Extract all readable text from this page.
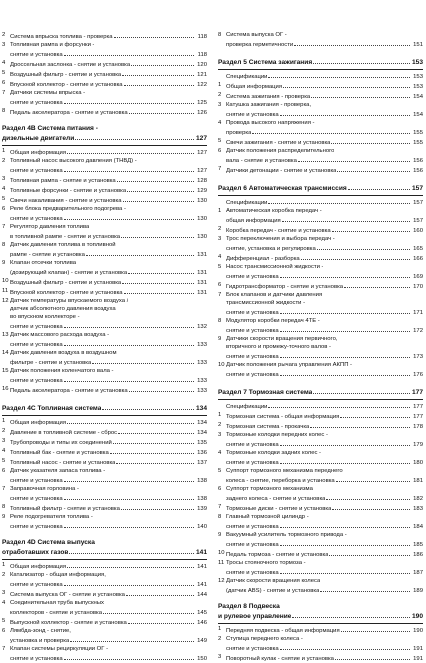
2 Система впрыска топлива - проверка	118
3 Топливная рампа и форсунки -
снятие и установка	118
4 Дроссельная заслонка - снятие и установка	120
5 Воздушный фильтр - снятие и установка	121
6 Впускной коллектор - снятие и установка	122
7 Датчики системы впрыска -
снятие и установка	125
8 Педаль акселератора - снятие и установка	126
Раздел 4В Система питания -
дизельные двигатели	127
1 Общая информация	127
2 Топливный насос высокого давления (ТНВД) -
снятие и установка	127
3 Топливная рампа - снятие и установка	128
4 Топливные форсунки - снятие и установка	129
5 Свечи накаливания - снятие и установка	130
6 Реле блока предварительного подогрева -
снятие и установка	130
7 Регулятор давления топлива
в топливной рампе - снятие и установка	130
8 Датчик давления топлива в топливной
рампе - снятие и установка	131
9 Клапан отсечки топлива
(дозирующий клапан) - снятие и установка	131
10 Воздушный фильтр - снятие и установка	131
11 Впускной коллектор - снятие и установка	131
12 Датчик температуры впускаемого воздуха /
датчик абсолютного давления воздуха
во впускном коллекторе -
снятие и установка	132
13 Датчик массового расхода воздуха -
снятие и установка	133
14 Датчик давления воздуха в воздушном
фильтре - снятие и установка	133
15 Датчик положения коленчатого вала -
снятие и установка	133
16 Педаль акселератора - снятие и установка	133
Раздел 4С Топливная система	134
1 Общая информация	134
2 Давление в топливной системе - сброс	134
3 Трубопроводы и типы их соединений	135
4 Топливный бак - снятие и установка	136
5 Топливный насос - снятие и установка	137
6 Датчик указателя запаса топлива -
снятие и установка	138
7 Заправочная горловина -
снятие и установка	138
8 Топливный фильтр - снятие и установка	139
9 Реле подогревателя топлива -
снятие и установка	140
Раздел 4D Система выпуска
отработавших газов	141
1 Общая информация	141
2 Катализатор - общая информация,
снятие и установка	141
3 Система выпуска ОГ - снятие и установка	144
4 Соединительная труба выпускных
коллекторов - снятие и установка	145
5 Выпускной коллектор - снятие и установка	146
6 Лямбда-зонд - снятие,
установка и проверка	149
7 Клапан системы рециркуляции ОГ -
снятие и установка	150
8 Система выпуска ОГ -
проверка герметичности	151
Раздел 5 Система зажигания	153
Спецификации	153
1 Общая информация	153
2 Система зажигания - проверка	154
3 Катушка зажигания - проверка,
снятие и установка	154
4 Провода высокого напряжения -
проверка	155
5 Свечи зажигания - снятие и установка	155
6 Датчик положения распределительного
вала - снятие и установка	156
7 Датчики детонации - снятие и установка	156
Раздел 6 Автоматическая трансмиссия	157
Спецификации	157
1 Автоматическая коробка передач -
общая информация	157
2 Коробка передач - снятие и установка	160
3 Трос переключения и выбора передач -
снятие, установка и регулировка	165
4 Дифференциал - разборка	166
5 Насос трансмиссионной жидкости -
снятие и установка	169
6 Гидротрансформатор - снятие и установка	170
7 Блок клапанов и датчики давления
трансмиссионной жидкости -
снятие и установка	171
8 Модулятор коробки передач 4ТЕ -
снятие и установка	172
9 Датчики скорости вращения первичного,
вторичного и промежу-точного валов -
снятие и установка	173
10 Датчик положения рычага управления АКПП -
снятие и установка	176
Раздел 7 Тормозная система	177
Спецификации	177
1 Тормозная система - общая информация	177
2 Тормозная система - прокачка	178
3 Тормозные колодки передних колес -
снятие и установка	179
4 Тормозные колодки задних колес -
снятие и установка	180
5 Суппорт тормозного механизма переднего
колеса - снятие, переборка и установка	181
6 Суппорт тормозного механизма
заднего колеса - снятие и установка	182
7 Тормозные диски - снятие и установка	183
8 Главный тормозной цилиндр -
снятие и установка	184
9 Вакуумный усилитель тормозного привода -
снятие и установка	185
10 Педаль тормоза - снятие и установка	186
11 Тросы стояночного тормоза -
снятие и установка	187
12 Датчик скорости вращения колеса
(датчик ABS) - снятие и установка	189
Раздел 8 Подвеска
и рулевое управление	190
1 Передняя подвеска - общая информация	190
2 Ступица переднего колеса -
снятие и установка	191
3 Поворотный кулак - снятие и установка	191
